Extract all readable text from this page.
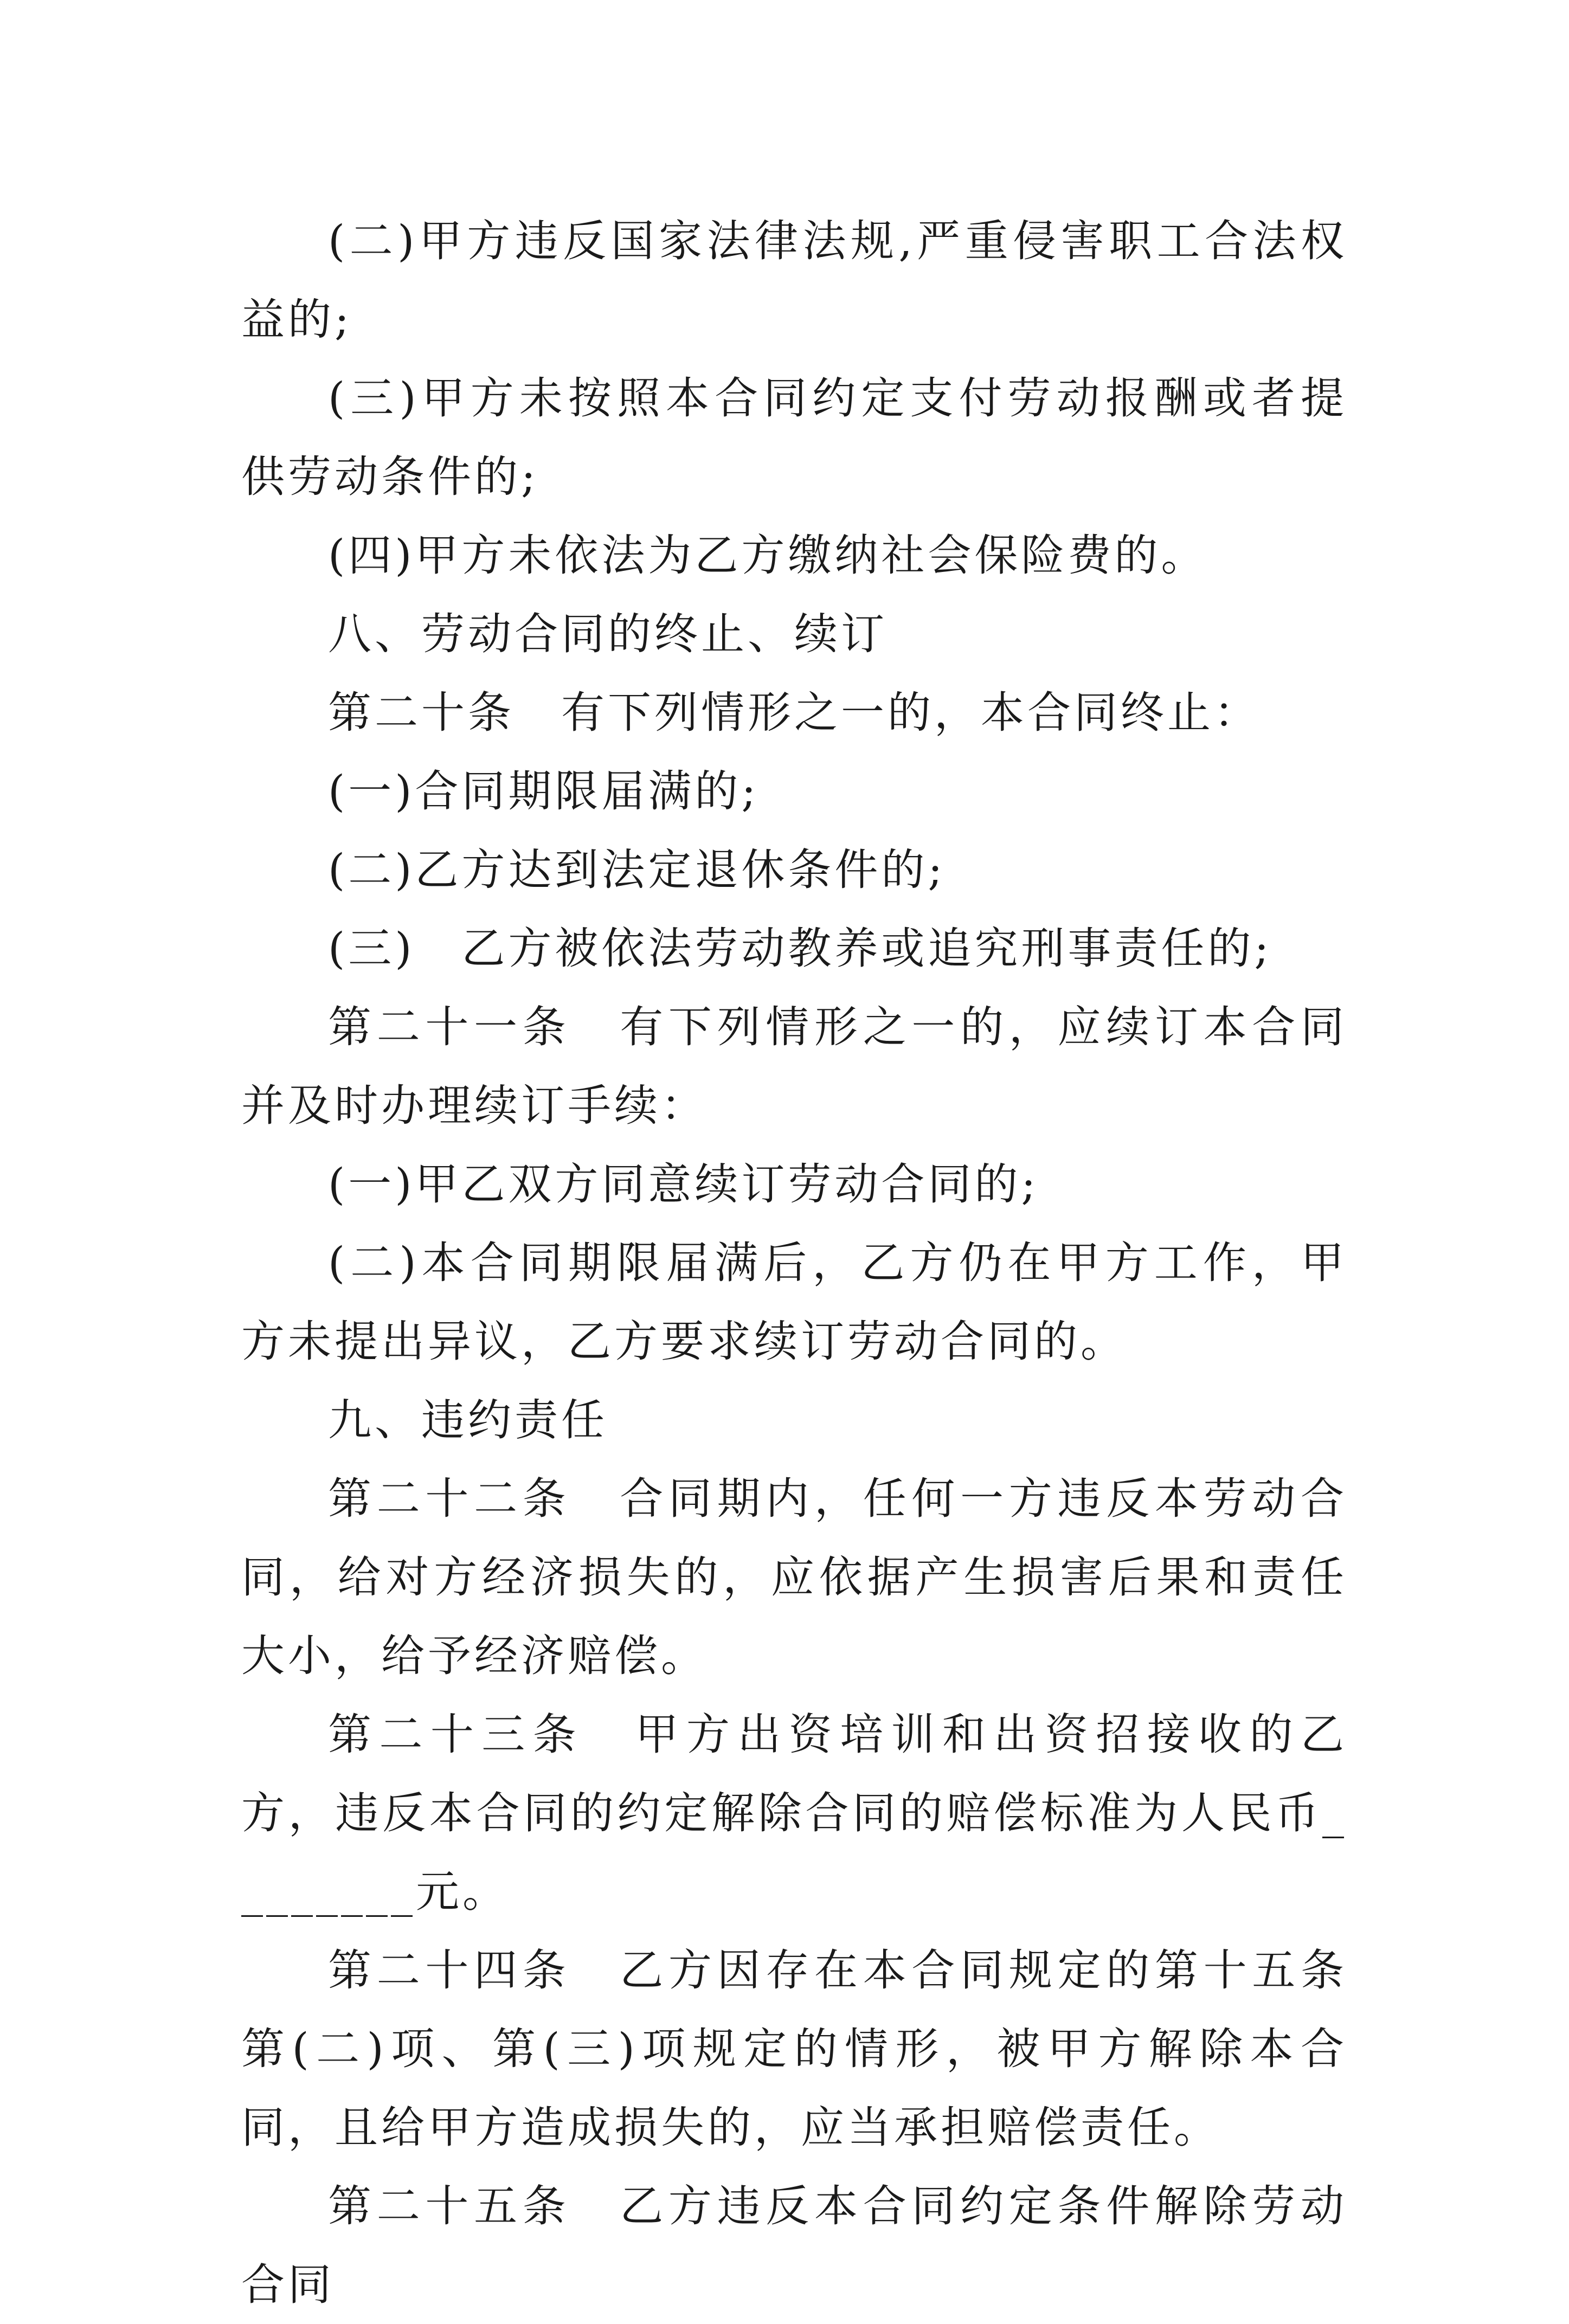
(二)甲方违反国家法律法规,严重侵害职工合法权益的;

(三)甲方未按照本合同约定支付劳动报酬或者提供劳动条件的;

(四)甲方未依法为乙方缴纳社会保险费的。

八、劳动合同的终止、续订

第二十条　有下列情形之一的，本合同终止：

(一)合同期限届满的;

(二)乙方达到法定退休条件的;

(三)　乙方被依法劳动教养或追究刑事责任的;

第二十一条　有下列情形之一的，应续订本合同并及时办理续订手续：

(一)甲乙双方同意续订劳动合同的;

(二)本合同期限届满后，乙方仍在甲方工作，甲方未提出异议，乙方要求续订劳动合同的。

九、违约责任

第二十二条　合同期内，任何一方违反本劳动合同，给对方经济损失的，应依据产生损害后果和责任大小，给予经济赔偿。

第二十三条　甲方出资培训和出资招接收的乙方，违反本合同的约定解除合同的赔偿标准为人民币________元。

第二十四条　乙方因存在本合同规定的第十五条第(二)项、第(三)项规定的情形，被甲方解除本合同，且给甲方造成损失的，应当承担赔偿责任。

第二十五条　乙方违反本合同约定条件解除劳动合同
